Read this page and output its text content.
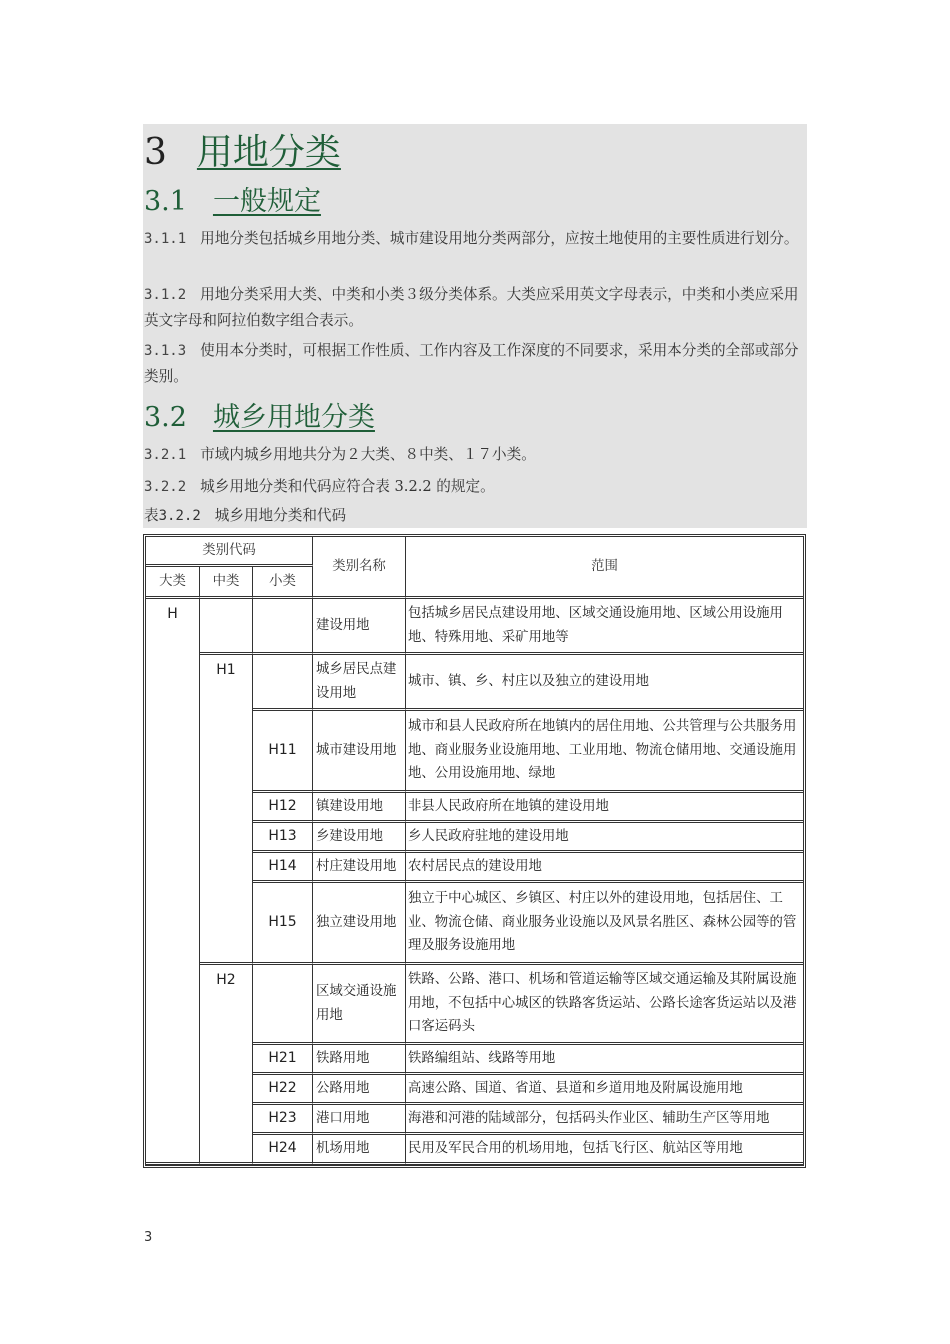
3 用地分类
3.1 一般规定
3.1.1 用地分类包括城乡用地分类、城市建设用地分类两部分，应按土地使用的主要性质进行划分。
3.1.2 用地分类采用大类、中类和小类３级分类体系。大类应采用英文字母表示，中类和小类应采用英文字母和阿拉伯数字组合表示。
3.1.3 使用本分类时，可根据工作性质、工作内容及工作深度的不同要求，采用本分类的全部或部分类别。
3.2 城乡用地分类
3.2.1 市域内城乡用地共分为２大类、８中类、１７小类。
3.2.2 城乡用地分类和代码应符合表 3.2.2 的规定。
表3.2.2 城乡用地分类和代码
类别代码			类别名称	范围
大类	中类	小类		
H			建设用地	包括城乡居民点建设用地、区域交通设施用地、区域公用设施用地、特殊用地、采矿用地等
	H1		城乡居民点建设用地	城市、镇、乡、村庄以及独立的建设用地
		H11	城市建设用地	城市和县人民政府所在地镇内的居住用地、公共管理与公共服务用地、商业服务业设施用地、工业用地、物流仓储用地、交通设施用地、公用设施用地、绿地
		H12	镇建设用地	非县人民政府所在地镇的建设用地
		H13	乡建设用地	乡人民政府驻地的建设用地
		H14	村庄建设用地	农村居民点的建设用地
		H15	独立建设用地	独立于中心城区、乡镇区、村庄以外的建设用地，包括居住、工业、物流仓储、商业服务业设施以及风景名胜区、森林公园等的管理及服务设施用地
	H2		区域交通设施用地	铁路、公路、港口、机场和管道运输等区域交通运输及其附属设施用地，不包括中心城区的铁路客货运站、公路长途客货运站以及港口客运码头
		H21	铁路用地	铁路编组站、线路等用地
		H22	公路用地	高速公路、国道、省道、县道和乡道用地及附属设施用地
		H23	港口用地	海港和河港的陆域部分，包括码头作业区、辅助生产区等用地
		H24	机场用地	民用及军民合用的机场用地，包括飞行区、航站区等用地
3
